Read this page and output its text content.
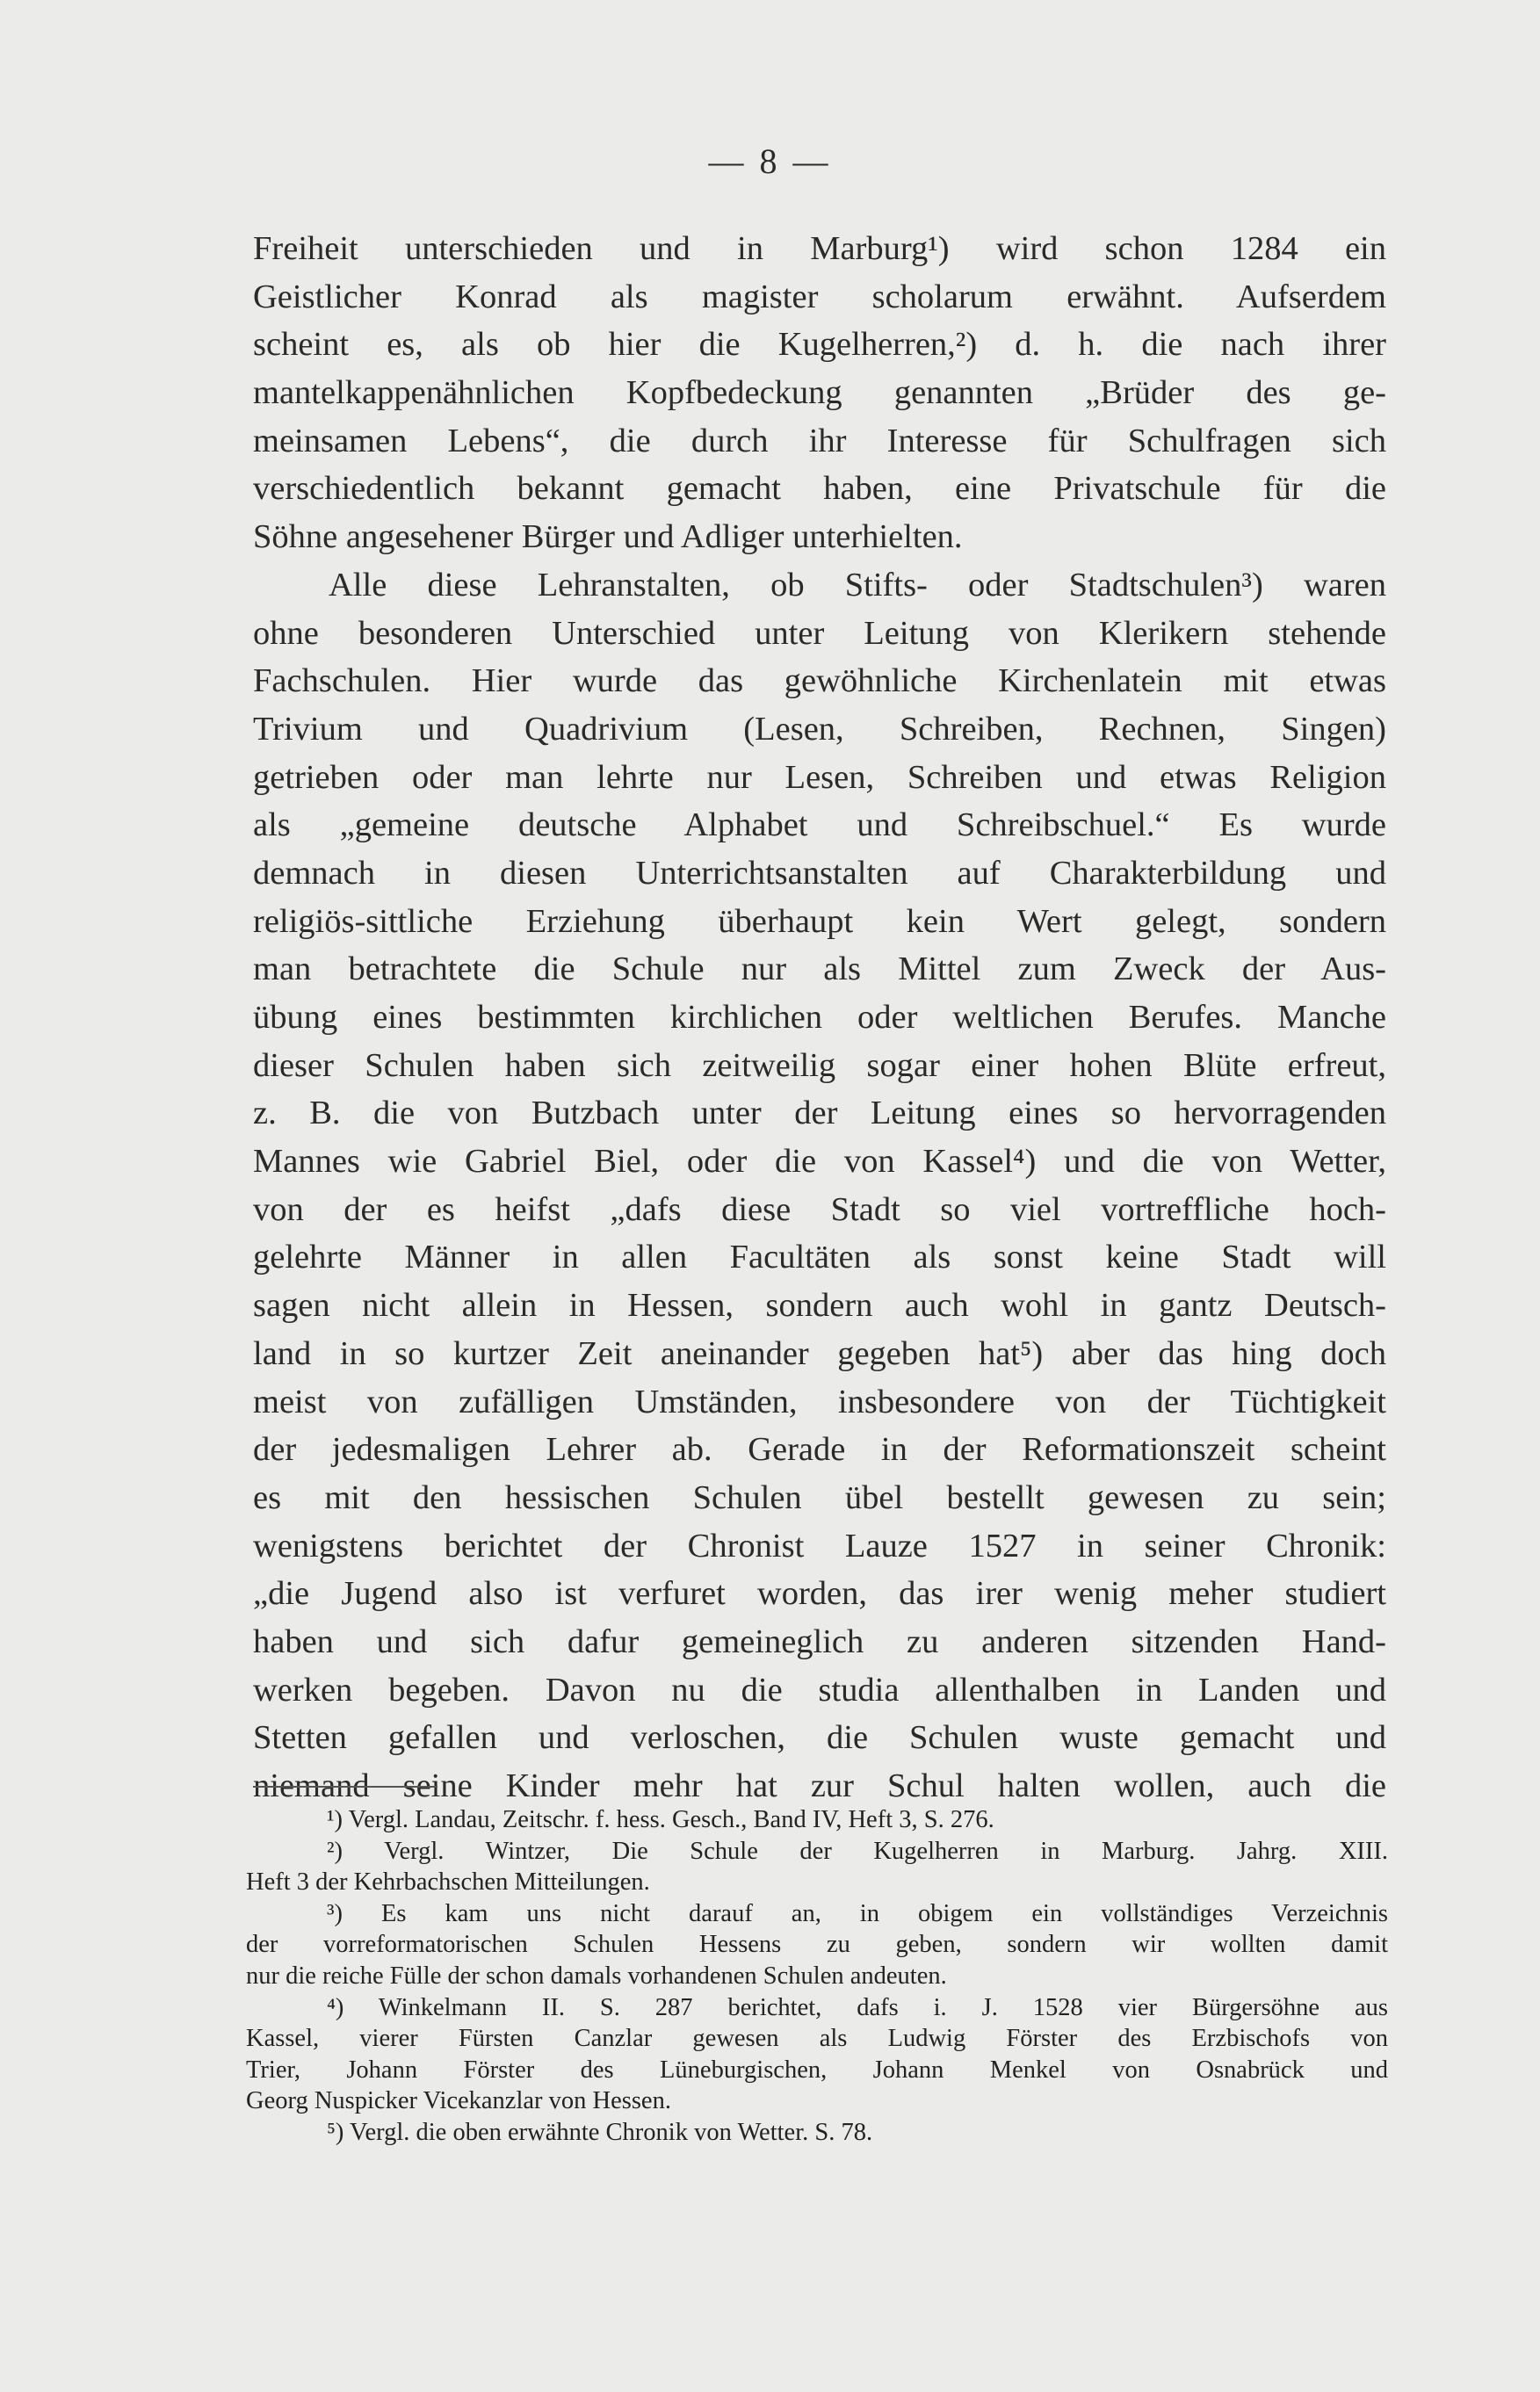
— 8 —
Freiheit unterschieden und in Marburg¹) wird schon 1284 ein
Geistlicher Konrad als magister scholarum erwähnt. Aufserdem
scheint es, als ob hier die Kugelherren,²) d. h. die nach ihrer
mantelkappenähnlichen Kopfbedeckung genannten „Brüder des ge-
meinsamen Lebens“, die durch ihr Interesse für Schulfragen sich
verschiedentlich bekannt gemacht haben, eine Privatschule für die
Söhne angesehener Bürger und Adliger unterhielten.
Alle diese Lehranstalten, ob Stifts- oder Stadtschulen³) waren
ohne besonderen Unterschied unter Leitung von Klerikern stehende
Fachschulen. Hier wurde das gewöhnliche Kirchenlatein mit etwas
Trivium und Quadrivium (Lesen, Schreiben, Rechnen, Singen)
getrieben oder man lehrte nur Lesen, Schreiben und etwas Religion
als „gemeine deutsche Alphabet und Schreibschuel.“ Es wurde
demnach in diesen Unterrichtsanstalten auf Charakterbildung und
religiös-sittliche Erziehung überhaupt kein Wert gelegt, sondern
man betrachtete die Schule nur als Mittel zum Zweck der Aus-
übung eines bestimmten kirchlichen oder weltlichen Berufes. Manche
dieser Schulen haben sich zeitweilig sogar einer hohen Blüte erfreut,
z. B. die von Butzbach unter der Leitung eines so hervorragenden
Mannes wie Gabriel Biel, oder die von Kassel⁴) und die von Wetter,
von der es heifst „dafs diese Stadt so viel vortreffliche hoch-
gelehrte Männer in allen Facultäten als sonst keine Stadt will
sagen nicht allein in Hessen, sondern auch wohl in gantz Deutsch-
land in so kurtzer Zeit aneinander gegeben hat⁵) aber das hing doch
meist von zufälligen Umständen, insbesondere von der Tüchtigkeit
der jedesmaligen Lehrer ab. Gerade in der Reformationszeit scheint
es mit den hessischen Schulen übel bestellt gewesen zu sein;
wenigstens berichtet der Chronist Lauze 1527 in seiner Chronik:
„die Jugend also ist verfuret worden, das irer wenig meher studiert
haben und sich dafur gemeineglich zu anderen sitzenden Hand-
werken begeben. Davon nu die studia allenthalben in Landen und
Stetten gefallen und verloschen, die Schulen wuste gemacht und
niemand seine Kinder mehr hat zur Schul halten wollen, auch die
¹) Vergl. Landau, Zeitschr. f. hess. Gesch., Band IV, Heft 3, S. 276.
²) Vergl. Wintzer, Die Schule der Kugelherren in Marburg. Jahrg. XIII.
Heft 3 der Kehrbachschen Mitteilungen.
³) Es kam uns nicht darauf an, in obigem ein vollständiges Verzeichnis
der vorreformatorischen Schulen Hessens zu geben, sondern wir wollten damit
nur die reiche Fülle der schon damals vorhandenen Schulen andeuten.
⁴) Winkelmann II. S. 287 berichtet, dafs i. J. 1528 vier Bürgersöhne aus
Kassel, vierer Fürsten Canzlar gewesen als Ludwig Förster des Erzbischofs von
Trier, Johann Förster des Lüneburgischen, Johann Menkel von Osnabrück und
Georg Nuspicker Vicekanzlar von Hessen.
⁵) Vergl. die oben erwähnte Chronik von Wetter. S. 78.
